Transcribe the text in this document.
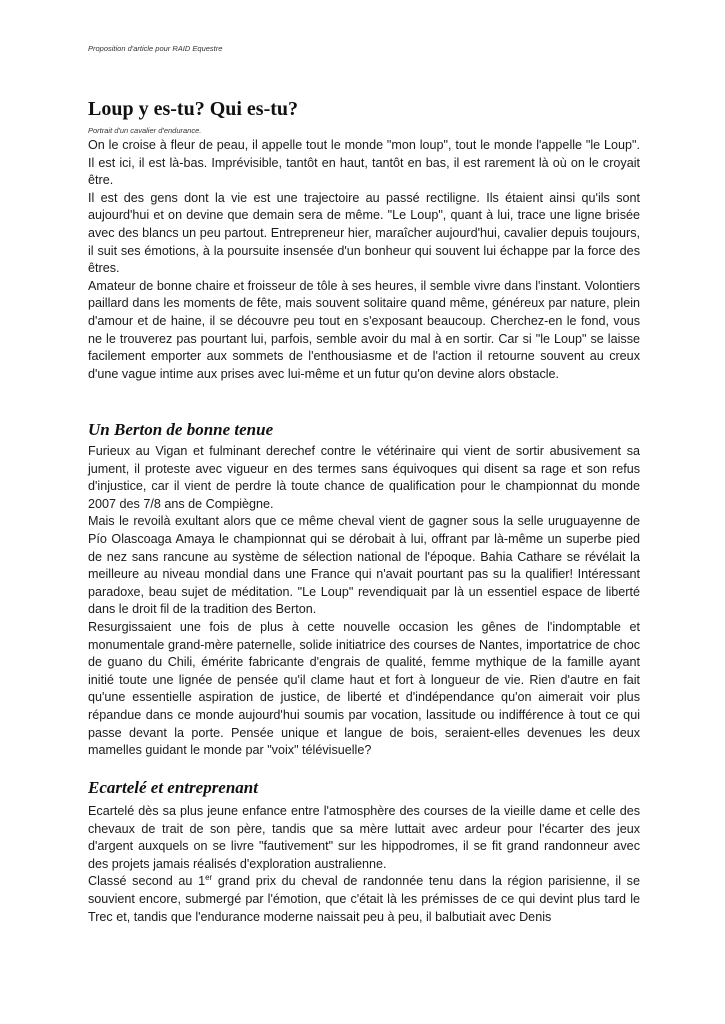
Proposition d'article pour RAID Equestre
Loup y es-tu? Qui es-tu?
Portrait d'un cavalier d'endurance.

On le croise à fleur de peau, il appelle tout le monde "mon loup", tout le monde l'appelle "le Loup". Il est ici, il est là-bas. Imprévisible, tantôt en haut, tantôt en bas, il est rarement là où on le croyait être.

Il est des gens dont la vie est une trajectoire au passé rectiligne. Ils étaient ainsi qu'ils sont aujourd'hui et on devine que demain sera de même. "Le Loup", quant à lui, trace une ligne brisée avec des blancs un peu partout. Entrepreneur hier, maraîcher aujourd'hui, cavalier depuis toujours, il suit ses émotions, à la poursuite insensée d'un bonheur qui souvent lui échappe par la force des êtres.

Amateur de bonne chaire et froisseur de tôle à ses heures, il semble vivre dans l'instant. Volontiers paillard dans les moments de fête, mais souvent solitaire quand même, généreux par nature, plein d'amour et de haine, il se découvre peu tout en s'exposant beaucoup. Cherchez-en le fond, vous ne le trouverez pas pourtant lui, parfois, semble avoir du mal à en sortir. Car si "le Loup" se laisse facilement emporter aux sommets de l'enthousiasme et de l'action il retourne souvent au creux d'une vague intime aux prises avec lui-même et un futur qu'on devine alors obstacle.

Un Berton de bonne tenue

Furieux au Vigan et fulminant derechef contre le vétérinaire qui vient de sortir abusivement sa jument, il proteste avec vigueur en des termes sans équivoques qui disent sa rage et son refus d'injustice, car il vient de perdre là toute chance de qualification pour le championnat du monde 2007 des 7/8 ans de Compiègne.

Mais le revoilà exultant alors que ce même cheval vient de gagner sous la selle uruguayenne de Pío Olascoaga Amaya le championnat qui se dérobait à lui, offrant par là-même un superbe pied de nez sans rancune au système de sélection national de l'époque. Bahia Cathare se révélait la meilleure au niveau mondial dans une France qui n'avait pourtant pas su la qualifier! Intéressant paradoxe, beau sujet de méditation. "Le Loup" revendiquait par là un essentiel espace de liberté dans le droit fil de la tradition des Berton.

Resurgissaient une fois de plus à cette nouvelle occasion les gênes de l'indomptable et monumentale grand-mère paternelle, solide initiatrice des courses de Nantes, importatrice de choc de guano du Chili, émérite fabricante d'engrais de qualité, femme mythique de la famille ayant initié toute une lignée de pensée qu'il clame haut et fort à longueur de vie. Rien d'autre en fait qu'une essentielle aspiration de justice, de liberté et d'indépendance qu'on aimerait voir plus répandue dans ce monde aujourd'hui soumis par vocation, lassitude ou indifférence à tout ce qui passe devant la porte. Pensée unique et langue de bois, seraient-elles devenues les deux mamelles guidant le monde par "voix" télévisuelle?

Ecartelé et entreprenant

Ecartelé dès sa plus jeune enfance entre l'atmosphère des courses de la vieille dame et celle des chevaux de trait de son père, tandis que sa mère luttait avec ardeur pour l'écarter des jeux d'argent auxquels on se livre "fautivement" sur les hippodromes, il se fit grand randonneur avec des projets jamais réalisés d'exploration australienne.

Classé second au 1er grand prix du cheval de randonnée tenu dans la région parisienne, il se souvient encore, submergé par l'émotion, que c'était là les prémisses de ce qui devint plus tard le Trec et, tandis que l'endurance moderne naissait peu à peu, il balbutiait avec Denis
